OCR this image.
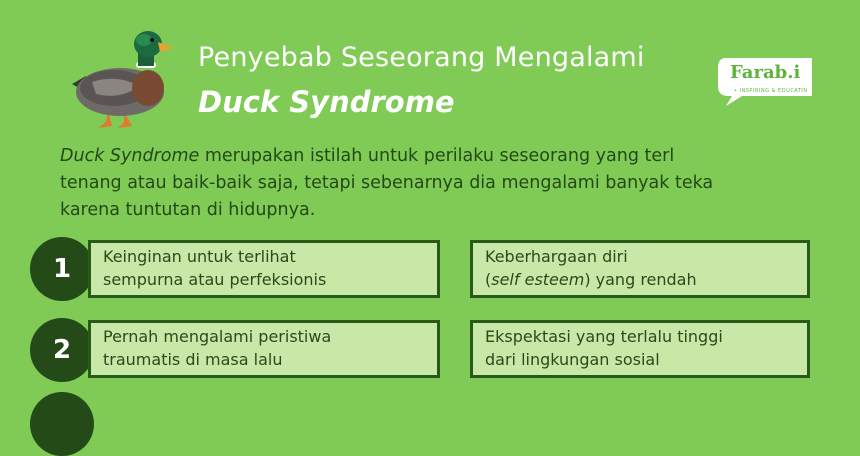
Penyebab Seseorang Mengalami
Duck Syndrome
Farab.i
• INSPIRING & EDUCATIN
Duck Syndrome merupakan istilah untuk perilaku seseorang yang terl
tenang atau baik-baik saja, tetapi sebenarnya dia mengalami banyak teka
karena tuntutan di hidupnya.
1	Keinginan untuk terlihat
sempurna atau perfeksionis
Keberhargaan diri
(self esteem) yang rendah
2	Pernah mengalami peristiwa
traumatis di masa lalu
Ekspektasi yang terlalu tinggi
dari lingkungan sosial
